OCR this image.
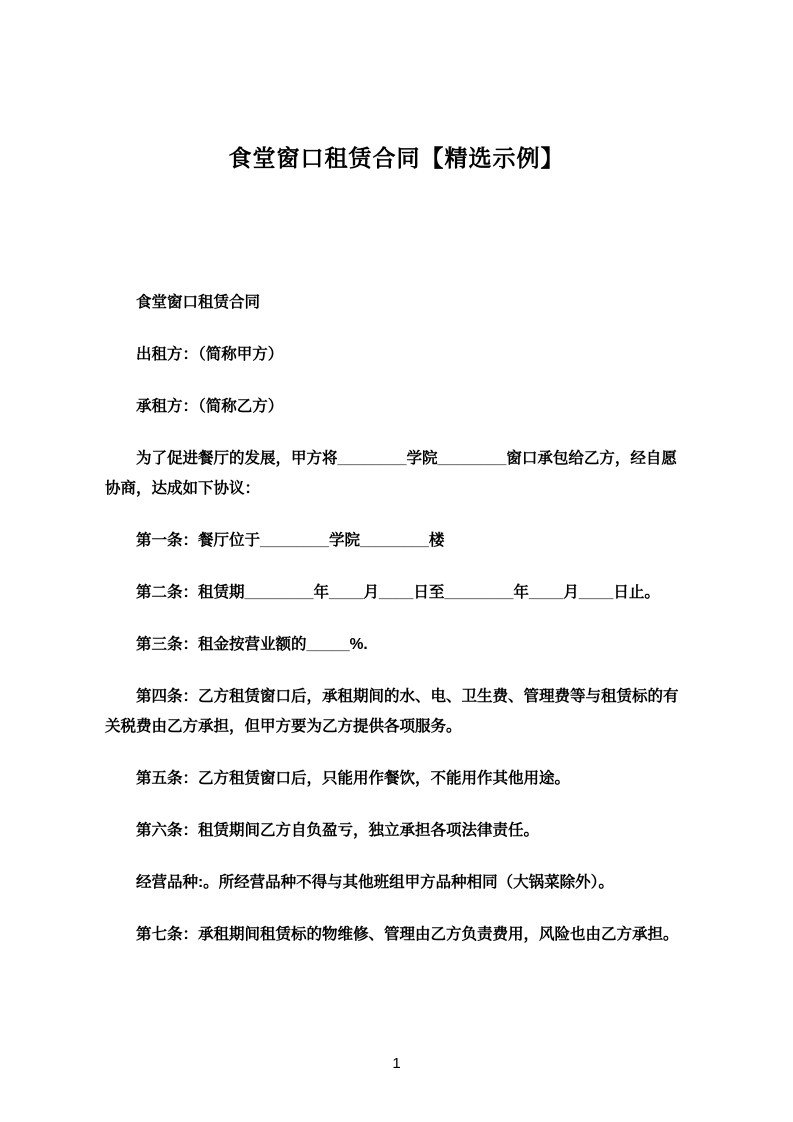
食堂窗口租赁合同【精选示例】

食堂窗口租赁合同

出租方：（简称甲方）

承租方：（简称乙方）

为了促进餐厅的发展，甲方将________学院________窗口承包给乙方，经自愿协商，达成如下协议：

第一条：餐厅位于________学院________楼

第二条：租赁期________年____月____日至________年____月____日止。

第三条：租金按营业额的_____%.

第四条：乙方租赁窗口后，承租期间的水、电、卫生费、管理费等与租赁标的有关税费由乙方承担，但甲方要为乙方提供各项服务。

第五条：乙方租赁窗口后，只能用作餐饮，不能用作其他用途。

第六条：租赁期间乙方自负盈亏，独立承担各项法律责任。

经营品种:。所经营品种不得与其他班组甲方品种相同（大锅菜除外）。

第七条：承租期间租赁标的物维修、管理由乙方负责费用，风险也由乙方承担。

1
